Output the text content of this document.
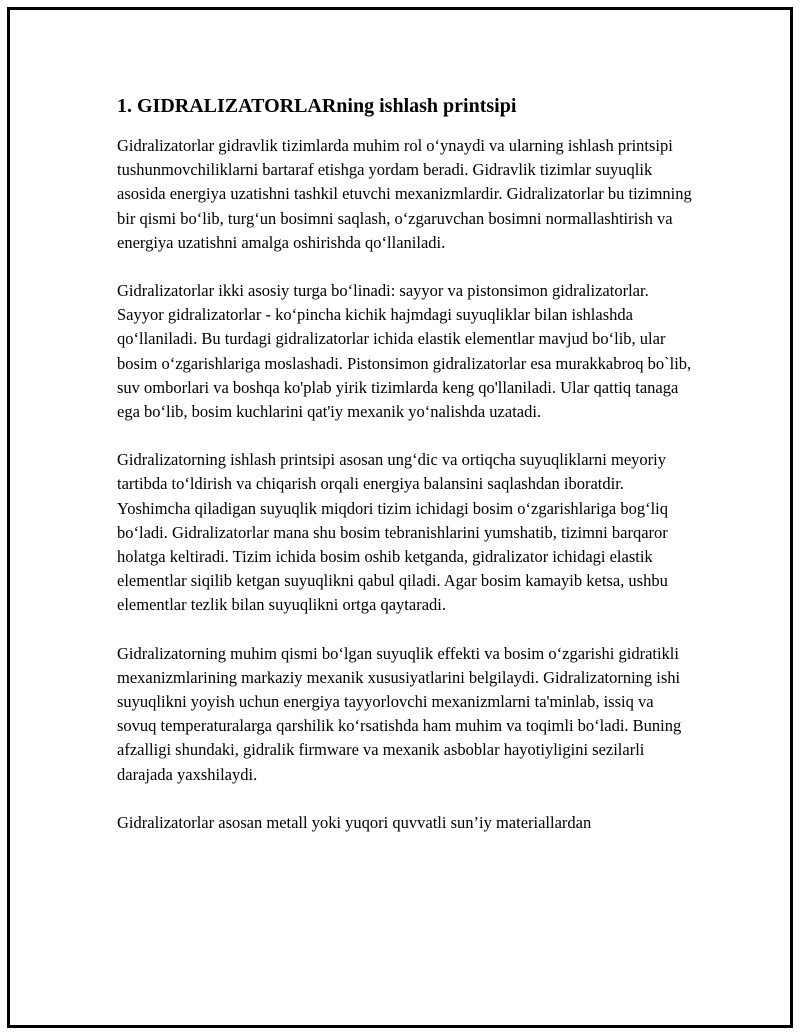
1. GIDRALIZATORLARning ishlash printsipi

Gidralizatorlar gidravlik tizimlarda muhim rol o‘ynaydi va ularning ishlash printsipi tushunmovchiliklarni bartaraf etishga yordam beradi. Gidravlik tizimlar suyuqlik asosida energiya uzatishni tashkil etuvchi mexanizmlardir. Gidralizatorlar bu tizimning bir qismi bo‘lib, turg‘un bosimni saqlash, o‘zgaruvchan bosimni normallashtirish va energiya uzatishni amalga oshirishda qo‘llaniladi.

Gidralizatorlar ikki asosiy turga bo‘linadi: sayyor va pistonsimon gidralizatorlar. Sayyor gidralizatorlar - ko‘pincha kichik hajmdagi suyuqliklar bilan ishlashda qo‘llaniladi. Bu turdagi gidralizatorlar ichida elastik elementlar mavjud bo‘lib, ular bosim o‘zgarishlariga moslashadi. Pistonsimon gidralizatorlar esa murakkabroq bo`lib, suv omborlari va boshqa ko'plab yirik tizimlarda keng qo'llaniladi. Ular qattiq tanaga ega bo‘lib, bosim kuchlarini qat'iy mexanik yo‘nalishda uzatadi.

Gidralizatorning ishlash printsipi asosan ung‘dic va ortiqcha suyuqliklarni meyoriy tartibda to‘ldirish va chiqarish orqali energiya balansini saqlashdan iboratdir. Yoshimcha qiladigan suyuqlik miqdori tizim ichidagi bosim o‘zgarishlariga bog‘liq bo‘ladi. Gidralizatorlar mana shu bosim tebranishlarini yumshatib, tizimni barqaror holatga keltiradi. Tizim ichida bosim oshib ketganda, gidralizator ichidagi elastik elementlar siqilib ketgan suyuqlikni qabul qiladi. Agar bosim kamayib ketsa, ushbu elementlar tezlik bilan suyuqlikni ortga qaytaradi.

Gidralizatorning muhim qismi bo‘lgan suyuqlik effekti va bosim o‘zgarishi gidratikli mexanizmlarining markaziy mexanik xususiyatlarini belgilaydi. Gidralizatorning ishi suyuqlikni yoyish uchun energiya tayyorlovchi mexanizmlarni ta'minlab, issiq va sovuq temperaturalarga qarshilik ko‘rsatishda ham muhim va toqimli bo‘ladi. Buning afzalligi shundaki, gidralik firmware va mexanik asboblar hayotiyligini sezilarli darajada yaxshilaydi.

Gidralizatorlar asosan metall yoki yuqori quvvatli sun’iy materiallardan
